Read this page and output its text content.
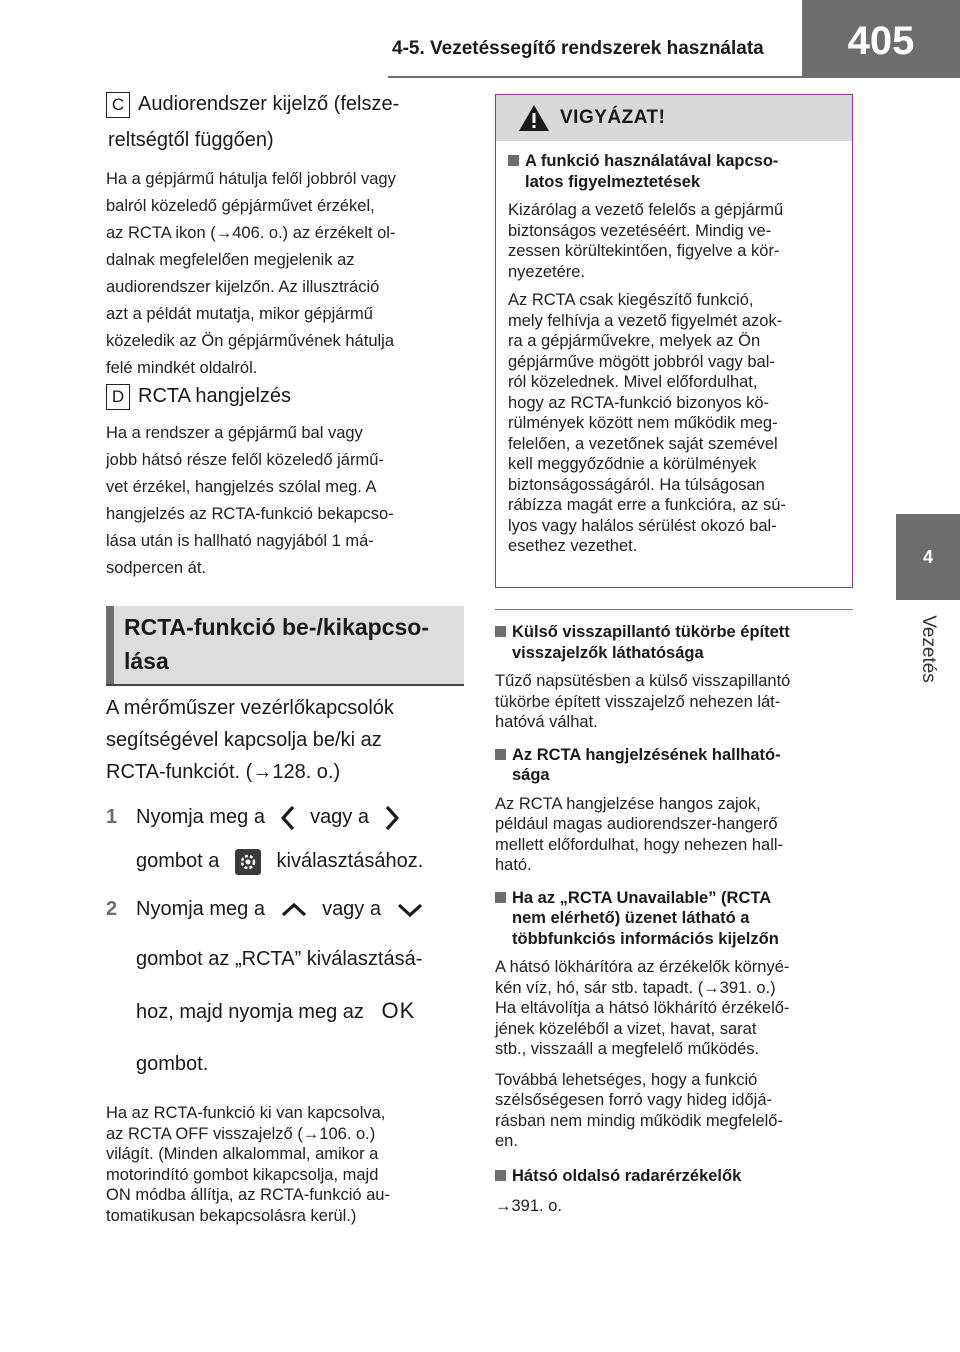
4-5. Vezetéssegítő rendszerek használata	405
4
Vezetés
C Audiorendszer kijelző (felsze-
reltségtől függően)

Ha a gépjármű hátulja felől jobbról vagy

balról közeledő gépjárművet érzékel,

az RCTA ikon (→406. o.) az érzékelt ol-

dalnak megfelelően megjelenik az

audiorendszer kijelzőn. Az illusztráció

azt a példát mutatja, mikor gépjármű

közeledik az Ön gépjárművének hátulja

felé mindkét oldalról.

D RCTA hangjelzés

Ha a rendszer a gépjármű bal vagy

jobb hátsó része felől közeledő jármű-

vet érzékel, hangjelzés szólal meg. A

hangjelzés az RCTA-funkció bekapcso-

lása után is hallható nagyjából 1 má-

sodpercen át.

RCTA-funkció be-/kikapcso-
lása

A mérőműszer vezérlőkapcsolók

segítségével kapcsolja be/ki az

RCTA-funkciót. (→128. o.)

1 Nyomja meg a vagy a
gombot a	kiválasztásához.
2 Nyomja meg a	vagy a
gombot az „RCTA” kiválasztásá-
hoz, majd nyomja meg az OK
gombot.

Ha az RCTA-funkció ki van kapcsolva,

az RCTA OFF visszajelző (→106. o.)

világít. (Minden alkalommal, amikor a

motorindító gombot kikapcsolja, majd

ON módba állítja, az RCTA-funkció au-

tomatikusan bekapcsolásra kerül.)

VIGYÁZAT!
A funkció használatával kapcso-
latos figyelmeztetések
Kizárólag a vezető felelős a gépjármű
biztonságos vezetéséért. Mindig ve-
zessen körültekintően, figyelve a kör-
nyezetére.
Az RCTA csak kiegészítő funkció,
mely felhívja a vezető figyelmét azok-
ra a gépjárművekre, melyek az Ön
gépjárműve mögött jobbról vagy bal-
ról közelednek. Mivel előfordulhat,
hogy az RCTA-funkció bizonyos kö-
rülmények között nem működik meg-
felelően, a vezetőnek saját szemével
kell meggyőződnie a körülmények
biztonságosságáról. Ha túlságosan
rábízza magát erre a funkcióra, az sú-
lyos vagy halálos sérülést okozó bal-
esethez vezethet.
Külső visszapillantó tükörbe épített
visszajelzők láthatósága
Tűző napsütésben a külső visszapillantó
tükörbe épített visszajelző nehezen lát-
hatóvá válhat.
Az RCTA hangjelzésének hallható-
sága
Az RCTA hangjelzése hangos zajok,
például magas audiorendszer-hangerő
mellett előfordulhat, hogy nehezen hall-
ható.
Ha az „RCTA Unavailable” (RCTA
nem elérhető) üzenet látható a
többfunkciós információs kijelzőn
A hátsó lökhárítóra az érzékelők környé-
kén víz, hó, sár stb. tapadt. (→391. o.)
Ha eltávolítja a hátsó lökhárító érzékelő-
jének közeléből a vizet, havat, sarat
stb., visszaáll a megfelelő működés.
Továbbá lehetséges, hogy a funkció
szélsőségesen forró vagy hideg időjá-
rásban nem mindig működik megfelelő-
en.
Hátsó oldalsó radarérzékelők
→391. o.
